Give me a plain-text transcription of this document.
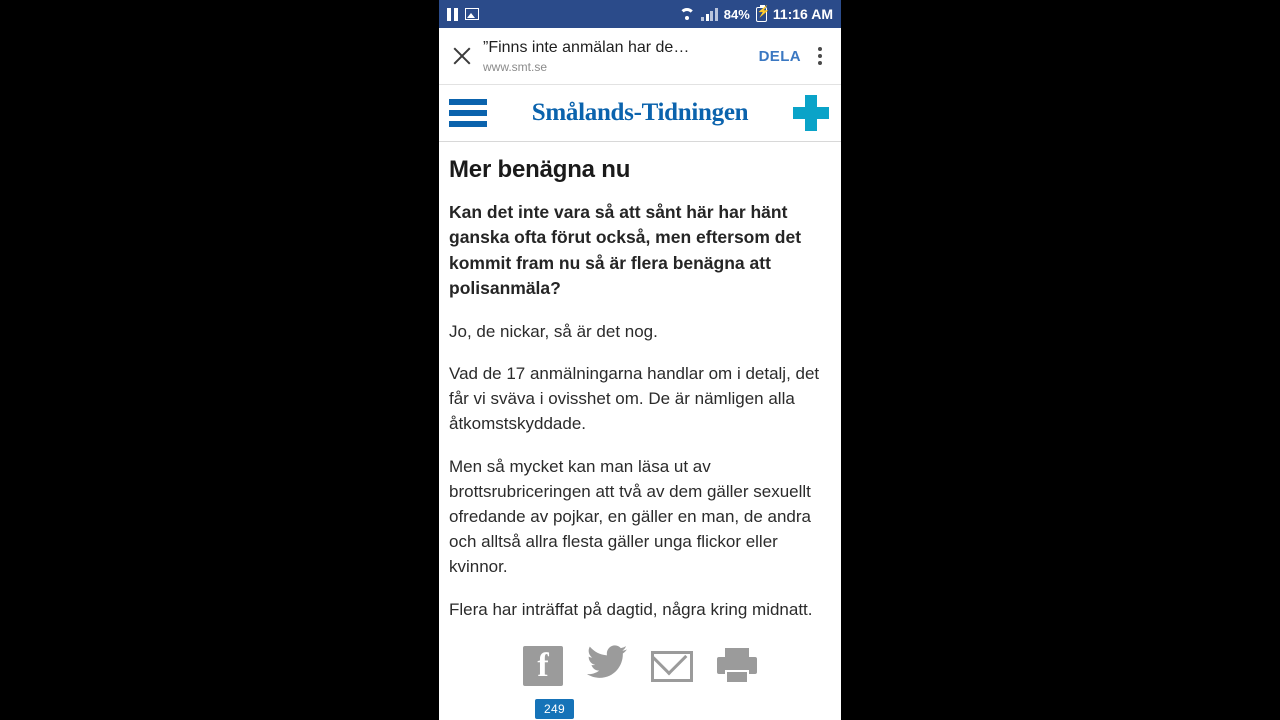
84% ⚡ 11:16 AM
”Finns inte anmälan har de…
www.smt.se
DELA
Smålands-Tidningen
Mer benägna nu

Kan det inte vara så att sånt här har hänt ganska ofta förut också, men eftersom det kommit fram nu så är flera benägna att polisanmäla?

Jo, de nickar, så är det nog.

Vad de 17 anmälningarna handlar om i detalj, det får vi sväva i ovisshet om. De är nämligen alla åtkomstskyddade.

Men så mycket kan man läsa ut av brottsrubriceringen att två av dem gäller sexuellt ofredande av pojkar, en gäller en man, de andra och alltså allra flesta gäller unga flickor eller kvinnor.

Flera har inträffat på dagtid, några kring midnatt.

f
249
